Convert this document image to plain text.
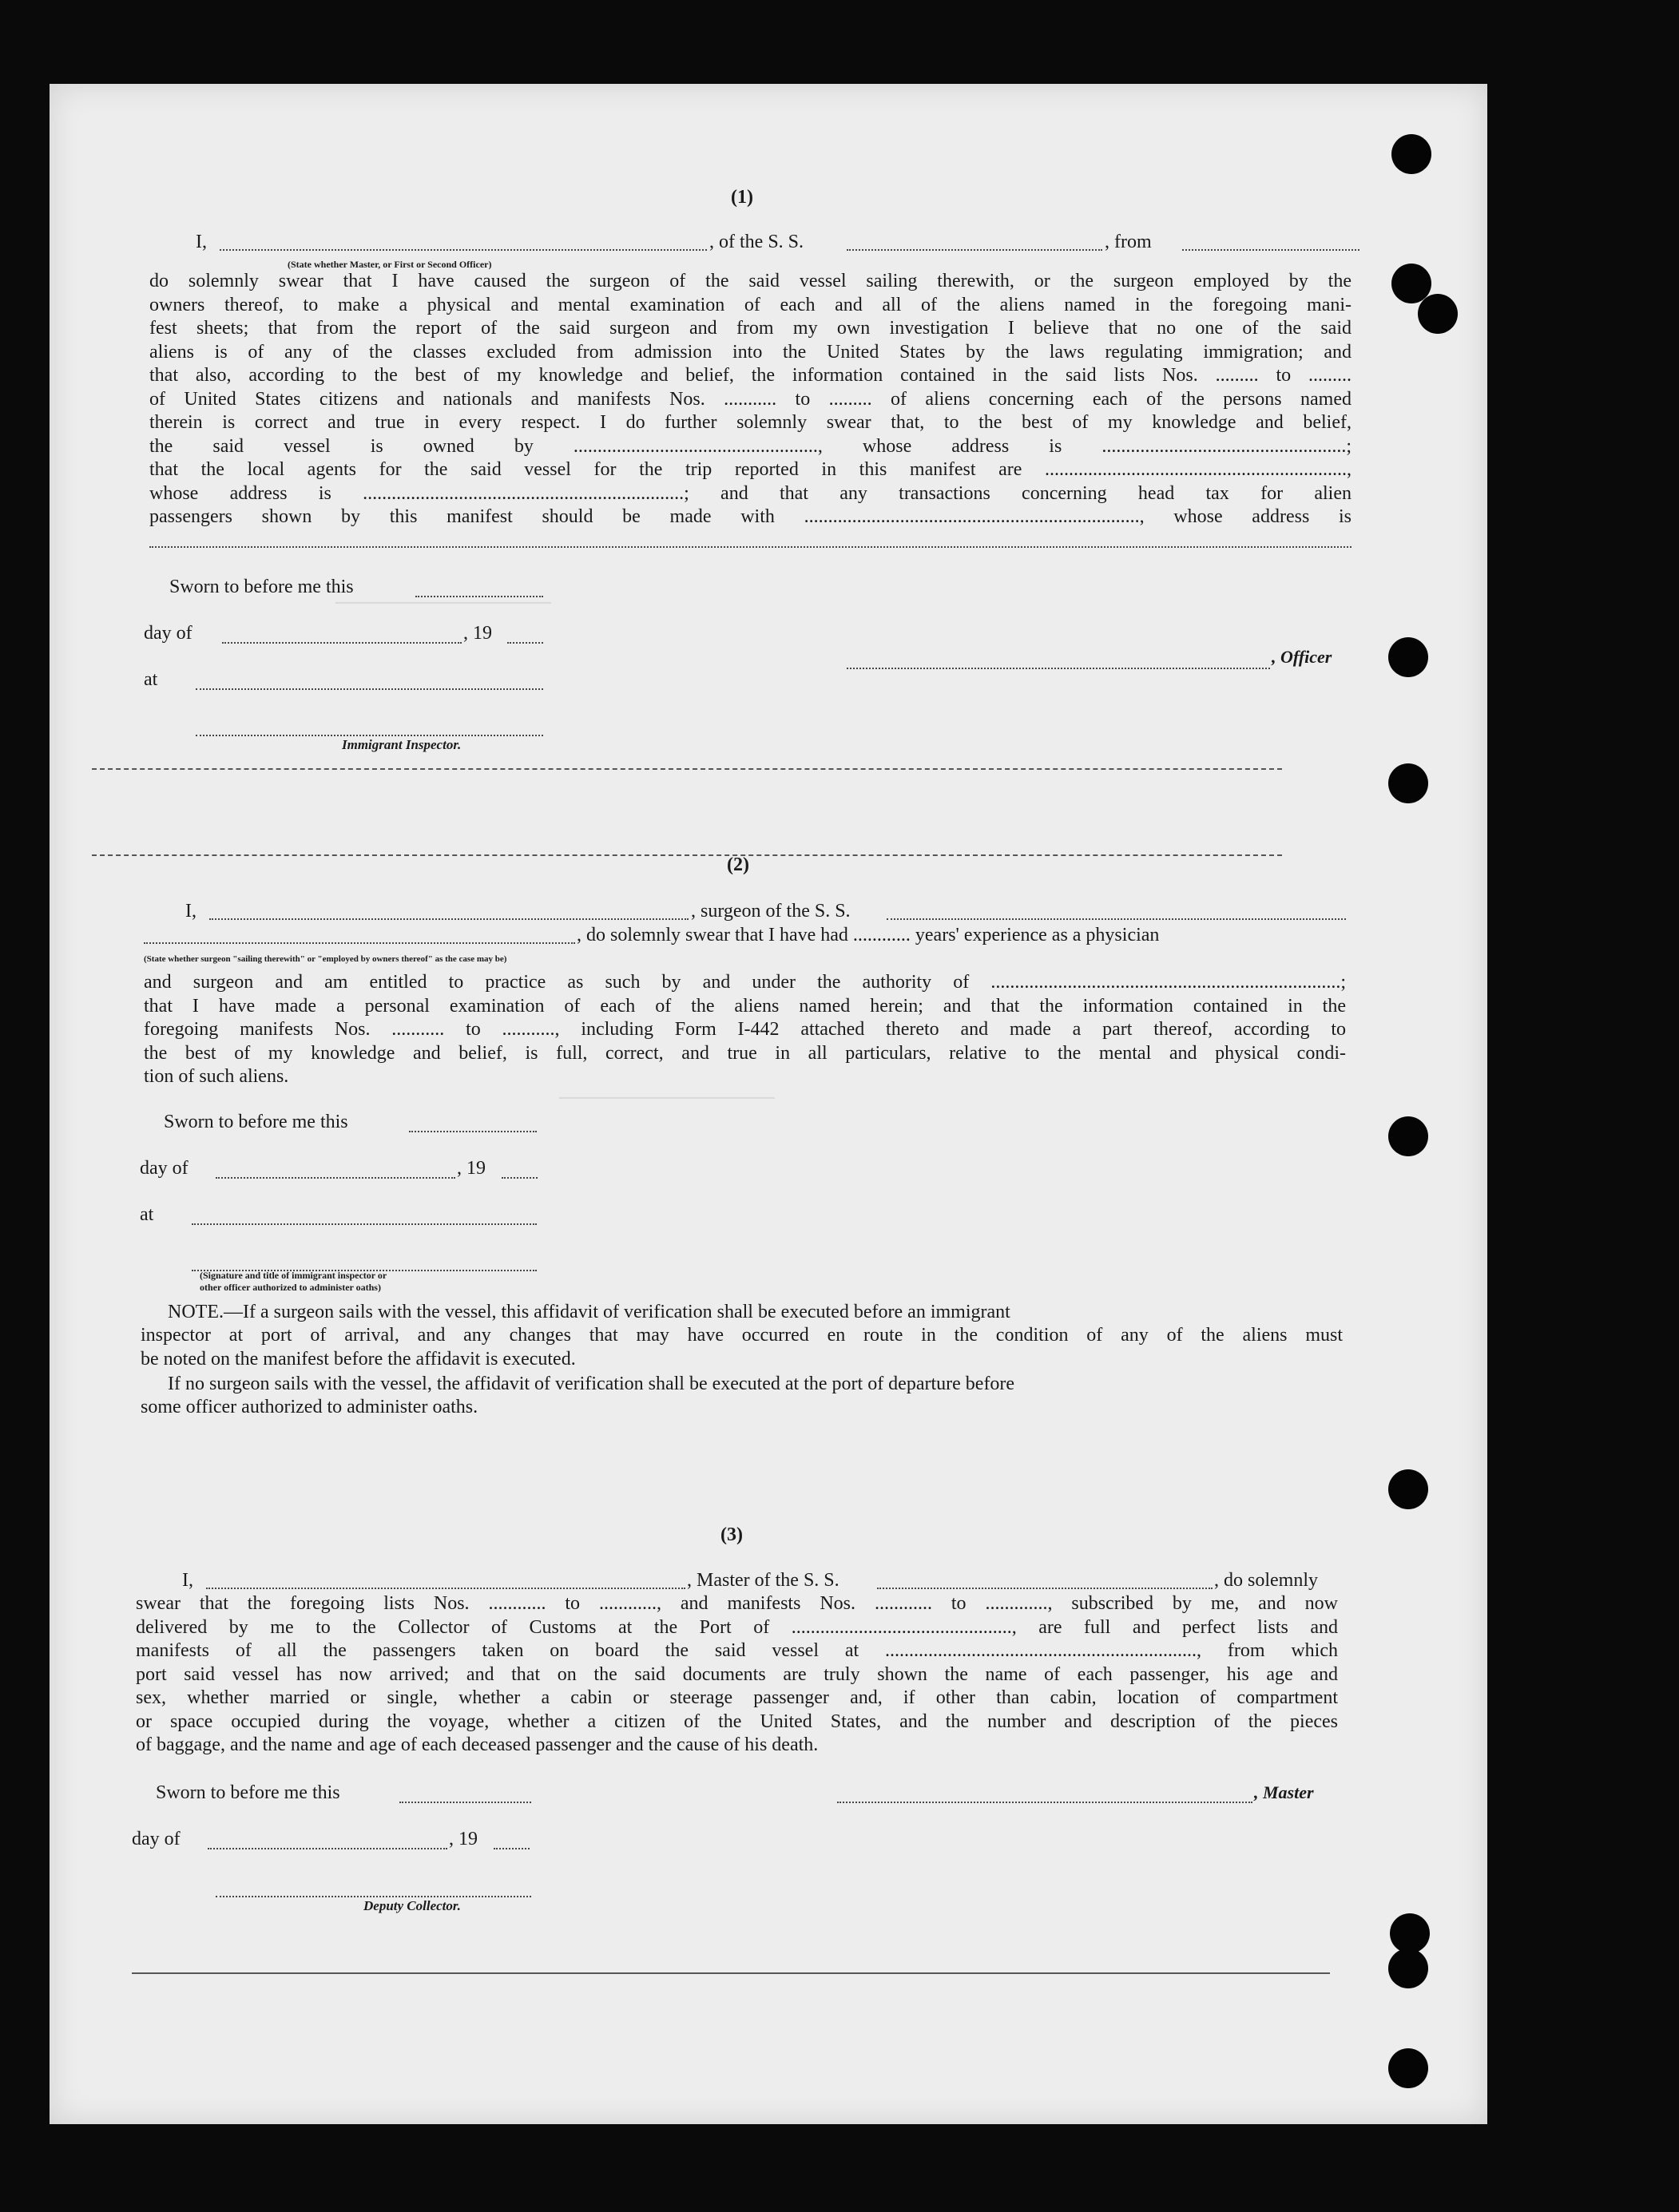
───────────────
───────────────
(1)
I,	, of the S. S.	, from
(State whether Master, or First or Second Officer)
do solemnly swear that I have caused the surgeon of the said vessel sailing therewith, or the surgeon employed by the
owners thereof, to make a physical and mental examination of each and all of the aliens named in the foregoing mani-
fest sheets; that from the report of the said surgeon and from my own investigation I believe that no one of the said
aliens is of any of the classes excluded from admission into the United States by the laws regulating immigration; and
that also, according to the best of my knowledge and belief, the information contained in the said lists Nos. ......... to .........
of United States citizens and nationals and manifests Nos. ........... to ......... of aliens concerning each of the persons named
therein is correct and true in every respect. I do further solemnly swear that, to the best of my knowledge and belief,
the said vessel is owned by ..................................................., whose address is ...................................................;
that the local agents for the said vessel for the trip reported in this manifest are ...............................................................,
whose address is ...................................................................; and that any transactions concerning head tax for alien
passengers shown by this manifest should be made with ......................................................................, whose address is
Sworn to before me this
day of	, 19
, Officer
at
Immigrant Inspector.
(2)
I,	, surgeon of the S. S.
, do solemnly swear that I have had ............ years' experience as a physician
(State whether surgeon "sailing therewith" or "employed by owners thereof" as the case may be)
and surgeon and am entitled to practice as such by and under the authority of .........................................................................;
that I have made a personal examination of each of the aliens named herein; and that the information contained in the
foregoing manifests Nos. ........... to ..........., including Form I-442 attached thereto and made a part thereof, according to
the best of my knowledge and belief, is full, correct, and true in all particulars, relative to the mental and physical condi-
tion of such aliens.
Sworn to before me this
day of	, 19
at
(Signature and title of immigrant inspector or
other officer authorized to administer oaths)
NOTE.—If a surgeon sails with the vessel, this affidavit of verification shall be executed before an immigrant
inspector at port of arrival, and any changes that may have occurred en route in the condition of any of the aliens must
be noted on the manifest before the affidavit is executed.
If no surgeon sails with the vessel, the affidavit of verification shall be executed at the port of departure before
some officer authorized to administer oaths.
(3)
I,	, Master of the S. S.	, do solemnly
swear that the foregoing lists Nos. ............ to ............, and manifests Nos. ............ to ............., subscribed by me, and now
delivered by me to the Collector of Customs at the Port of .............................................., are full and perfect lists and
manifests of all the passengers taken on board the said vessel at ................................................................., from which
port said vessel has now arrived; and that on the said documents are truly shown the name of each passenger, his age and
sex, whether married or single, whether a cabin or steerage passenger and, if other than cabin, location of compartment
or space occupied during the voyage, whether a citizen of the United States, and the number and description of the pieces
of baggage, and the name and age of each deceased passenger and the cause of his death.
Sworn to before me this	, Master
day of	, 19
Deputy Collector.
